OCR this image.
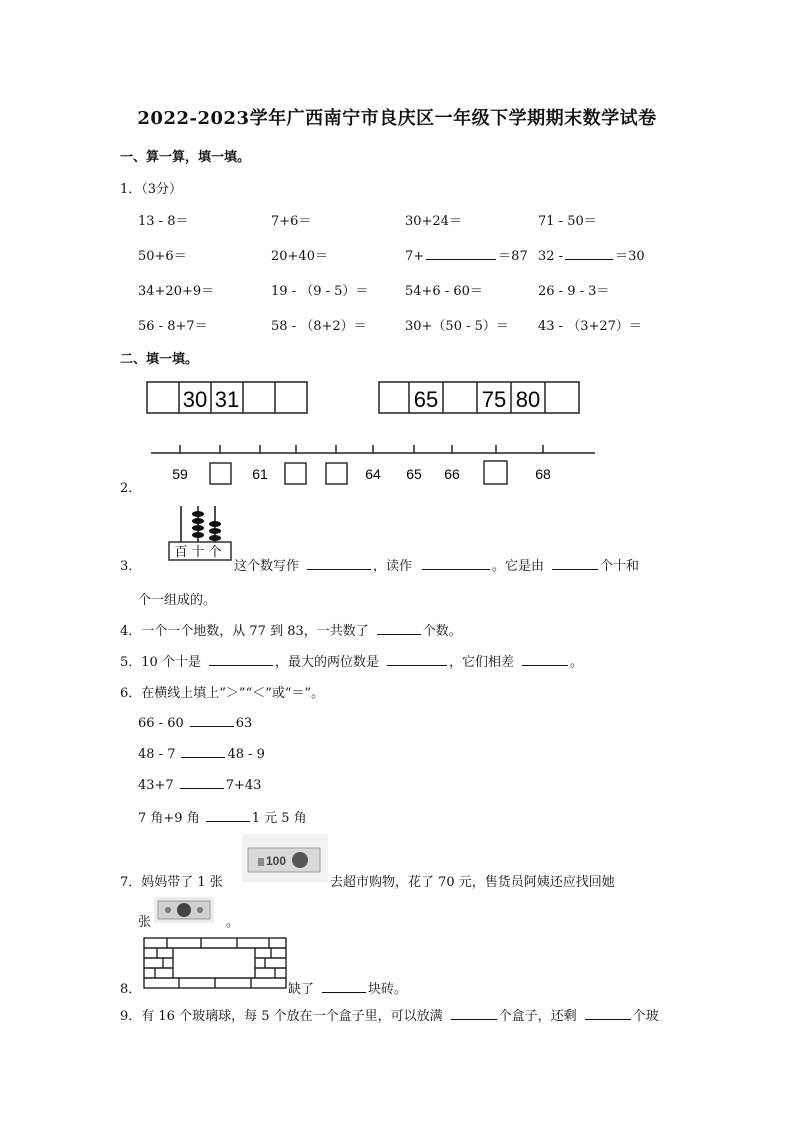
2022-2023学年广西南宁市良庆区一年级下学期期末数学试卷
一、算一算，填一填。
1．（3分）
13 - 8＝	7+6＝	30+24＝	71 - 50＝
50+6＝	20+40＝	7+	＝87 32 -	＝30
34+20+9＝	19 - （9 - 5）＝	54+6 - 60＝	26 - 9 - 3＝
56 - 8+7＝	58 - （8+2）＝	30+（50 - 5）＝ 43 - （3+27）＝
二、填一填。
2．
30 31	65 75 80
59	61	64 65 66	68
3．
百 十 个
这个数写作	，读作	。它是由	个十和
个一组成的。
4．一个一个地数，从 77 到 83，一共数了	个数。
5．10 个十是	，最大的两位数是	，它们相差	。
6．在横线上填上“＞”“＜”或“＝”。
66 - 60	63
48 - 7	48 - 9
43+7	7+43
7 角+9 角	1 元 5 角
7．妈妈带了 1 张
100
去超市购物，花了 70 元，售货员阿姨还应找回她
张	。
8．	缺了	块砖。
9．有 16 个玻璃球，每 5 个放在一个盒子里，可以放满	个盒子，还剩	个玻
